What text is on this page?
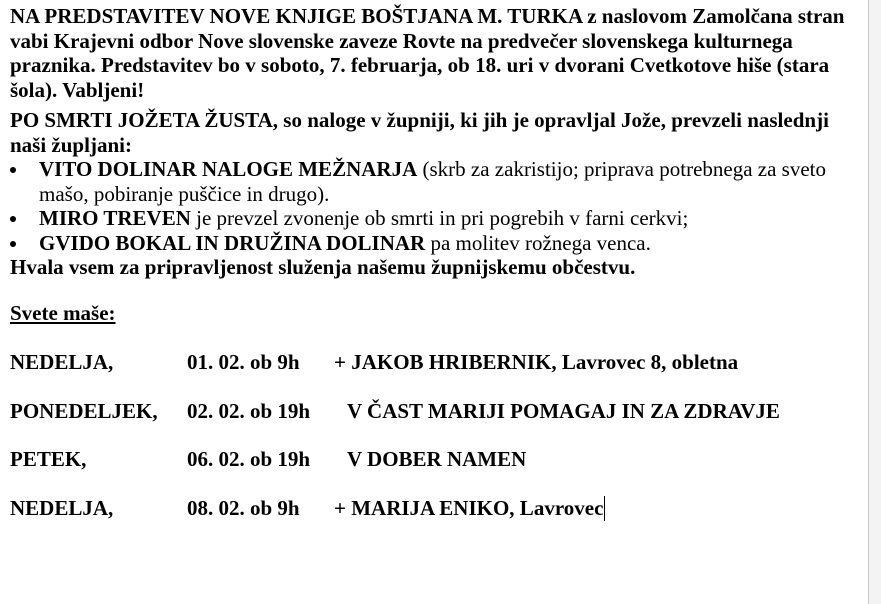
NA PREDSTAVITEV NOVE KNJIGE BOŠTJANA M. TURKA z naslovom Zamolčana stran vabi Krajevni odbor Nove slovenske zaveze Rovte na predvečer slovenskega kulturnega praznika. Predstavitev bo v soboto, 7. februarja, ob 18. uri v dvorani Cvetkotove hiše (stara šola). Vabljeni!

PO SMRTI JOŽETA ŽUSTA, so naloge v župniji, ki jih je opravljal Jože, prevzeli naslednji naši župljani:

VITO DOLINAR NALOGE MEŽNARJA (skrb za zakristijo; priprava potrebnega za sveto mašo, pobiranje puščice in drugo).
MIRO TREVEN je prevzel zvonenje ob smrti in pri pogrebih v farni cerkvi;
GVIDO BOKAL IN DRUŽINA DOLINAR pa molitev rožnega venca.

Hvala vsem za pripravljenost služenja našemu župnijskemu občestvu.

Svete maše:
NEDELJA,	01. 02. ob 9h + JAKOB HRIBERNIK, Lavrovec 8, obletna
PONEDELJEK, 02. 02. ob 19h V ČAST MARIJI POMAGAJ IN ZA ZDRAVJE
PETEK,	06. 02. ob 19h V DOBER NAMEN
NEDELJA,	08. 02. ob 9h + MARIJA ENIKO, Lavrovec
